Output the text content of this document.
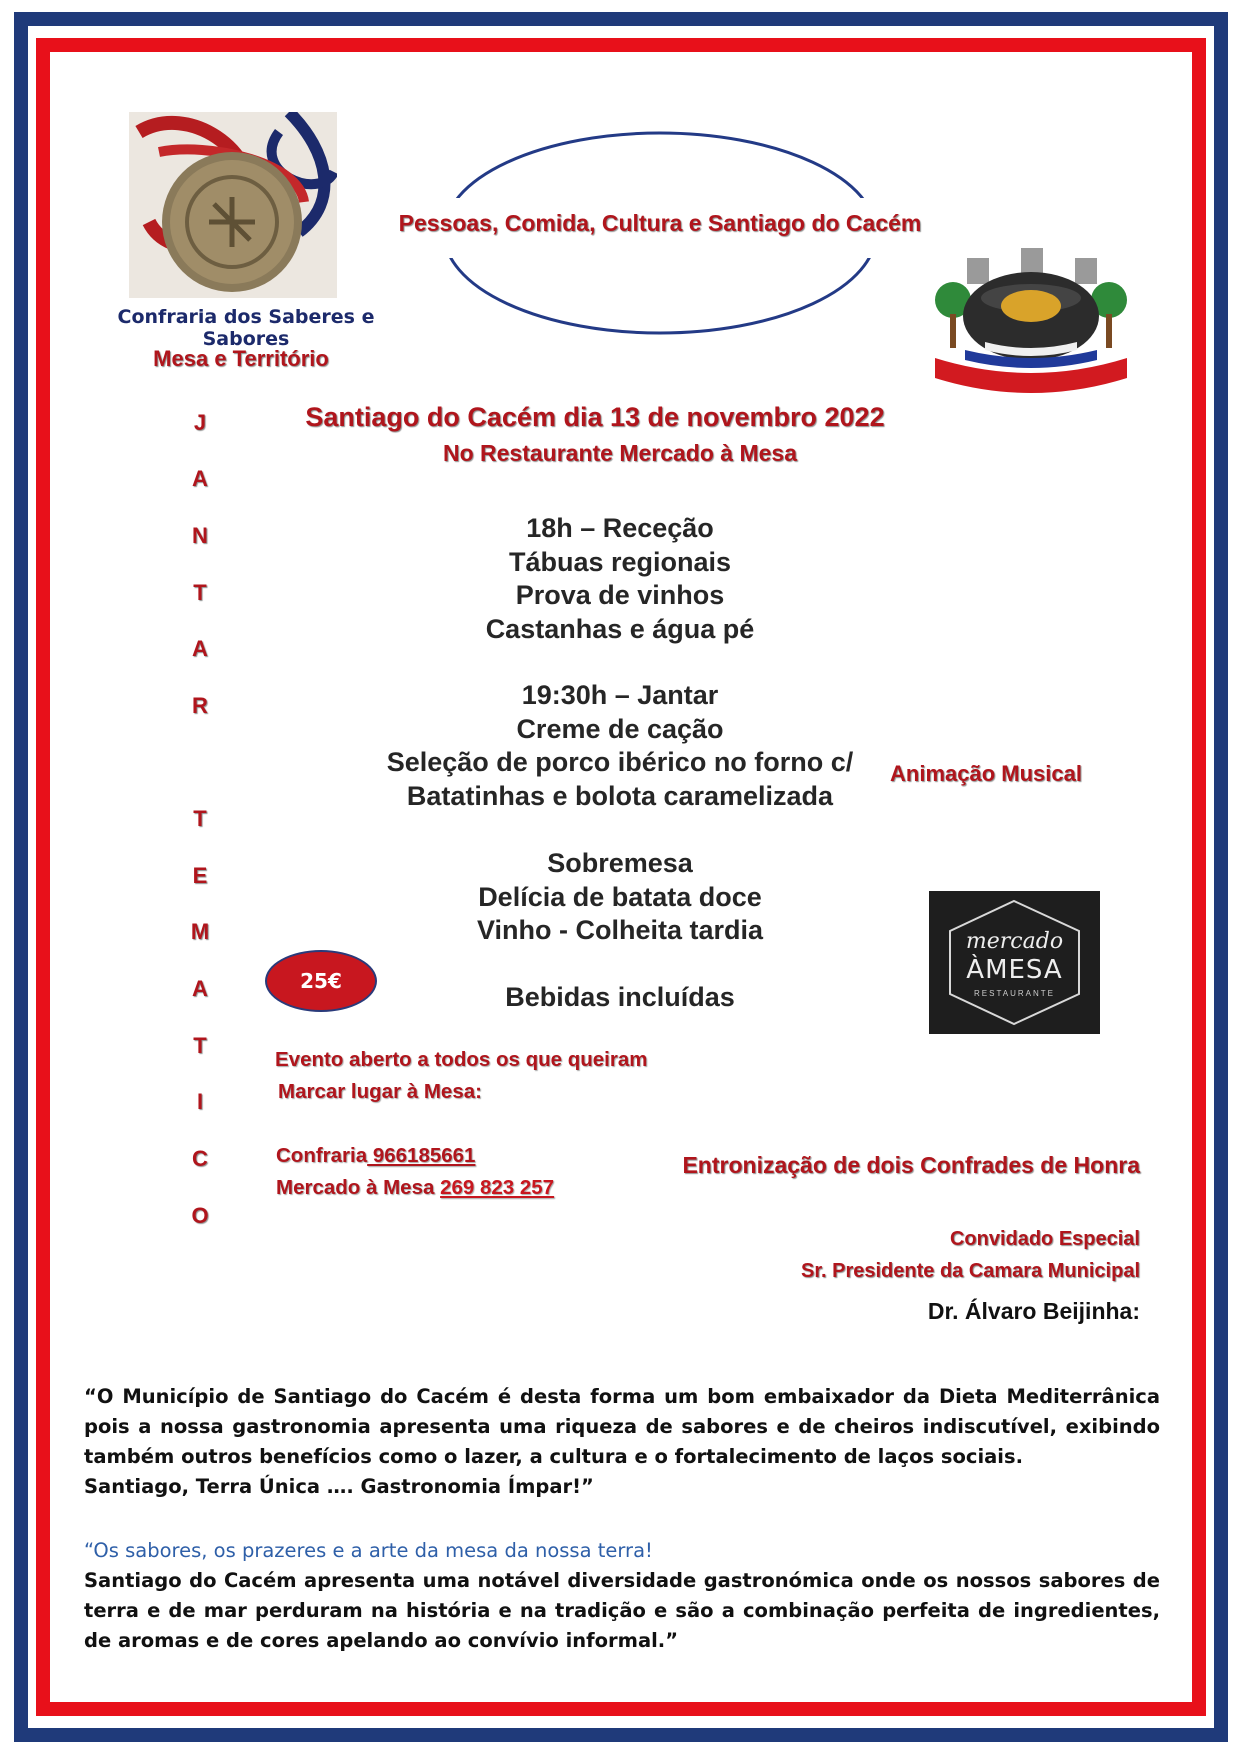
Confraria dos Saberes e Sabores
Mesa e Território
Pessoas, Comida, Cultura e Santiago do Cacém
Santiago do Cacém dia 13 de novembro 2022
No Restaurante Mercado à Mesa
J
A
N
T
A
R
T
E
M
A
T
I
C
O
18h – Receção
Tábuas regionais
Prova de vinhos
Castanhas e água pé
19:30h – Jantar
Creme de cação
Seleção de porco ibérico no forno c/
Batatinhas e bolota caramelizada
Sobremesa
Delícia de batata doce
Vinho - Colheita tardia
Bebidas incluídas
25€
Animação Musical
mercado
ÀMESA
RESTAURANTE
Evento aberto a todos os que queiram
Marcar lugar à Mesa:
Confraria 966185661
Mercado à Mesa 269 823 257
Entronização de dois Confrades de Honra
Convidado Especial
Sr. Presidente da Camara Municipal
Dr. Álvaro Beijinha:
“O Município de Santiago do Cacém é desta forma um bom embaixador da Dieta Mediterrânica pois a nossa gastronomia apresenta uma riqueza de sabores e de cheiros indiscutível, exibindo também outros benefícios como o lazer, a cultura e o fortalecimento de laços sociais.
Santiago, Terra Única …. Gastronomia Ímpar!”
“Os sabores, os prazeres e a arte da mesa da nossa terra!
Santiago do Cacém apresenta uma notável diversidade gastronómica onde os nossos sabores de terra e de mar perduram na história e na tradição e são a combinação perfeita de ingredientes, de aromas e de cores apelando ao convívio informal.”
